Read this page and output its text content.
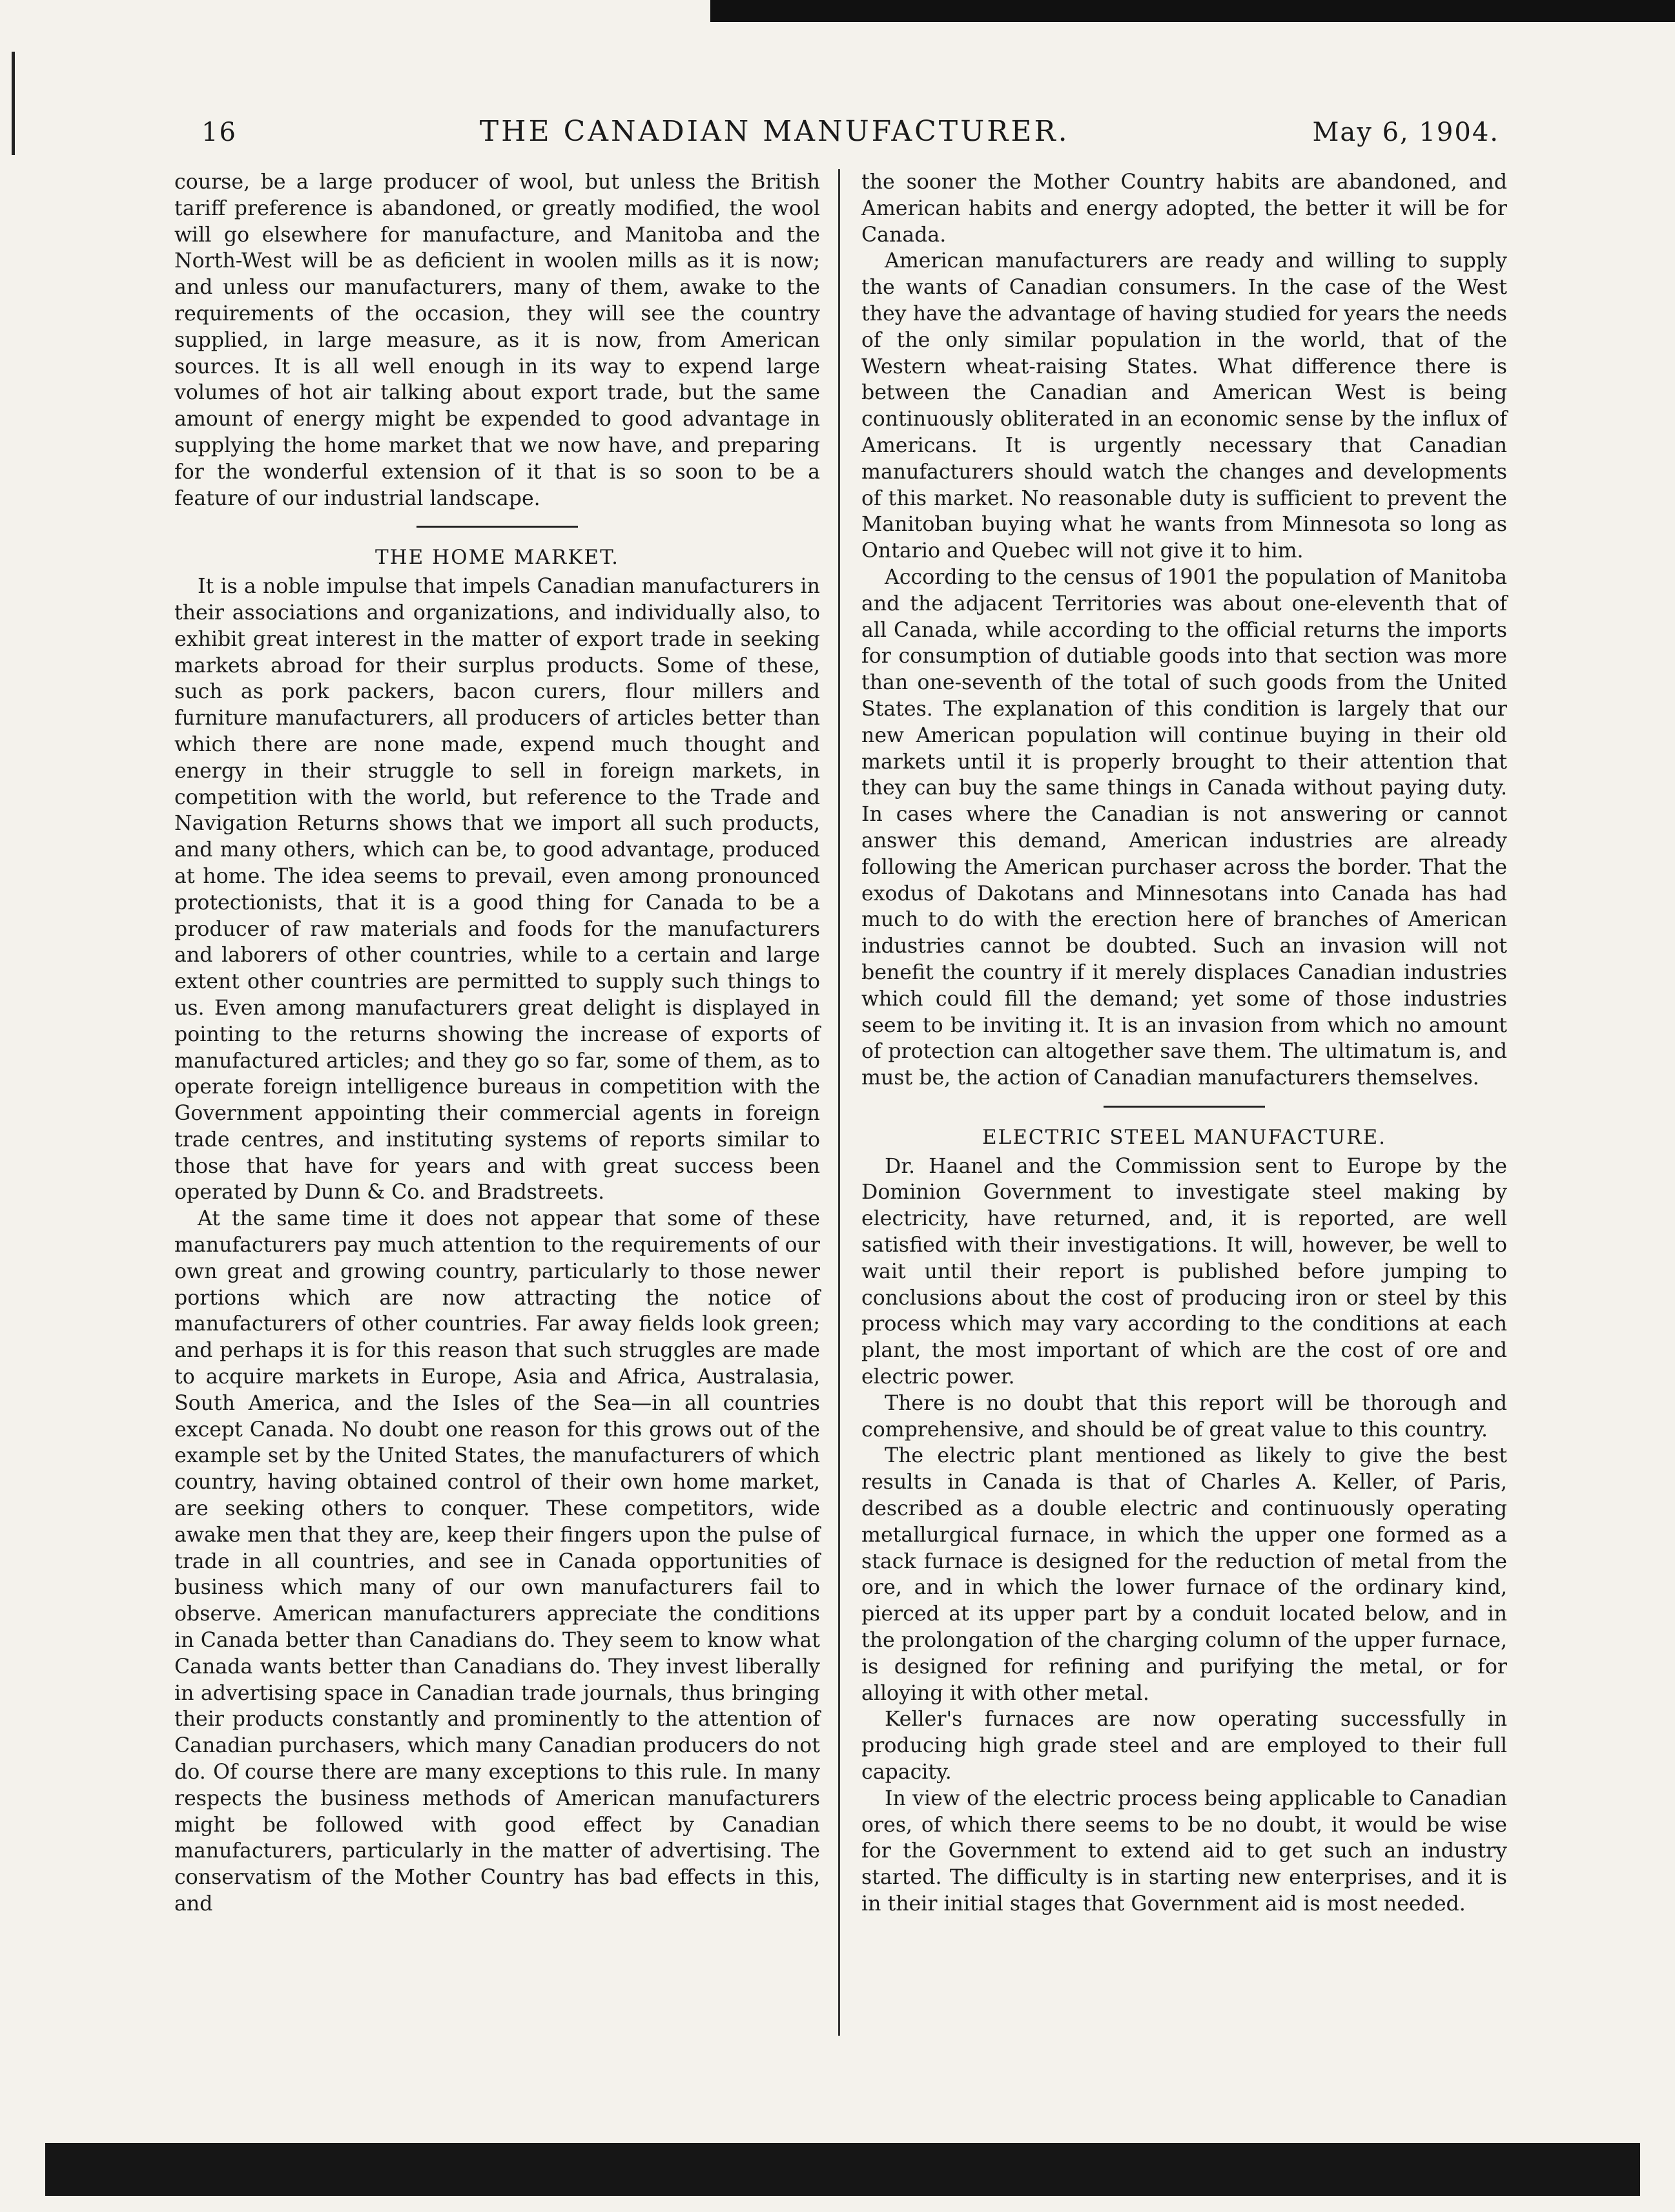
16	THE CANADIAN MANUFACTURER.	May 6, 1904.

course, be a large producer of wool, but unless the British tariff preference is abandoned, or greatly modified, the wool will go elsewhere for manufacture, and Manitoba and the North-West will be as deficient in woolen mills as it is now; and unless our manufacturers, many of them, awake to the requirements of the occasion, they will see the country supplied, in large measure, as it is now, from American sources. It is all well enough in its way to expend large volumes of hot air talking about export trade, but the same amount of energy might be expended to good advantage in supplying the home market that we now have, and preparing for the wonderful extension of it that is so soon to be a feature of our industrial landscape.

THE HOME MARKET.

It is a noble impulse that impels Canadian manufacturers in their associations and organizations, and individually also, to exhibit great interest in the matter of export trade in seeking markets abroad for their surplus products. Some of these, such as pork packers, bacon curers, flour millers and furniture manufacturers, all producers of articles better than which there are none made, expend much thought and energy in their struggle to sell in foreign markets, in competition with the world, but reference to the Trade and Navigation Returns shows that we import all such products, and many others, which can be, to good advantage, produced at home. The idea seems to prevail, even among pronounced protectionists, that it is a good thing for Canada to be a producer of raw materials and foods for the manufacturers and laborers of other countries, while to a certain and large extent other countries are permitted to supply such things to us. Even among manufacturers great delight is displayed in pointing to the returns showing the increase of exports of manufactured articles; and they go so far, some of them, as to operate foreign intelligence bureaus in competition with the Government appointing their commercial agents in foreign trade centres, and instituting systems of reports similar to those that have for years and with great success been operated by Dunn & Co. and Bradstreets.

At the same time it does not appear that some of these manufacturers pay much attention to the requirements of our own great and growing country, particularly to those newer portions which are now attracting the notice of manufacturers of other countries. Far away fields look green; and perhaps it is for this reason that such struggles are made to acquire markets in Europe, Asia and Africa, Australasia, South America, and the Isles of the Sea—in all countries except Canada. No doubt one reason for this grows out of the example set by the United States, the manufacturers of which country, having obtained control of their own home market, are seeking others to conquer. These competitors, wide awake men that they are, keep their fingers upon the pulse of trade in all countries, and see in Canada opportunities of business which many of our own manufacturers fail to observe. American manufacturers appreciate the conditions in Canada better than Canadians do. They seem to know what Canada wants better than Canadians do. They invest liberally in advertising space in Canadian trade journals, thus bringing their products constantly and prominently to the attention of Canadian purchasers, which many Canadian producers do not do. Of course there are many exceptions to this rule. In many respects the business methods of American manufacturers might be followed with good effect by Canadian manufacturers, particularly in the matter of advertising. The conservatism of the Mother Country has bad effects in this, and

the sooner the Mother Country habits are abandoned, and American habits and energy adopted, the better it will be for Canada.

American manufacturers are ready and willing to supply the wants of Canadian consumers. In the case of the West they have the advantage of having studied for years the needs of the only similar population in the world, that of the Western wheat-raising States. What difference there is between the Canadian and American West is being continuously obliterated in an economic sense by the influx of Americans. It is urgently necessary that Canadian manufacturers should watch the changes and developments of this market. No reasonable duty is sufficient to prevent the Manitoban buying what he wants from Minnesota so long as Ontario and Quebec will not give it to him.

According to the census of 1901 the population of Manitoba and the adjacent Territories was about one-eleventh that of all Canada, while according to the official returns the imports for consumption of dutiable goods into that section was more than one-seventh of the total of such goods from the United States. The explanation of this condition is largely that our new American population will continue buying in their old markets until it is properly brought to their attention that they can buy the same things in Canada without paying duty. In cases where the Canadian is not answering or cannot answer this demand, American industries are already following the American purchaser across the border. That the exodus of Dakotans and Minnesotans into Canada has had much to do with the erection here of branches of American industries cannot be doubted. Such an invasion will not benefit the country if it merely displaces Canadian industries which could fill the demand; yet some of those industries seem to be inviting it. It is an invasion from which no amount of protection can altogether save them. The ultimatum is, and must be, the action of Canadian manufacturers themselves.

ELECTRIC STEEL MANUFACTURE.

Dr. Haanel and the Commission sent to Europe by the Dominion Government to investigate steel making by electricity, have returned, and, it is reported, are well satisfied with their investigations. It will, however, be well to wait until their report is published before jumping to conclusions about the cost of producing iron or steel by this process which may vary according to the conditions at each plant, the most important of which are the cost of ore and electric power.

There is no doubt that this report will be thorough and comprehensive, and should be of great value to this country.

The electric plant mentioned as likely to give the best results in Canada is that of Charles A. Keller, of Paris, described as a double electric and continuously operating metallurgical furnace, in which the upper one formed as a stack furnace is designed for the reduction of metal from the ore, and in which the lower furnace of the ordinary kind, pierced at its upper part by a conduit located below, and in the prolongation of the charging column of the upper furnace, is designed for refining and purifying the metal, or for alloying it with other metal.

Keller's furnaces are now operating successfully in producing high grade steel and are employed to their full capacity.

In view of the electric process being applicable to Canadian ores, of which there seems to be no doubt, it would be wise for the Government to extend aid to get such an industry started. The difficulty is in starting new enterprises, and it is in their initial stages that Government aid is most needed.
